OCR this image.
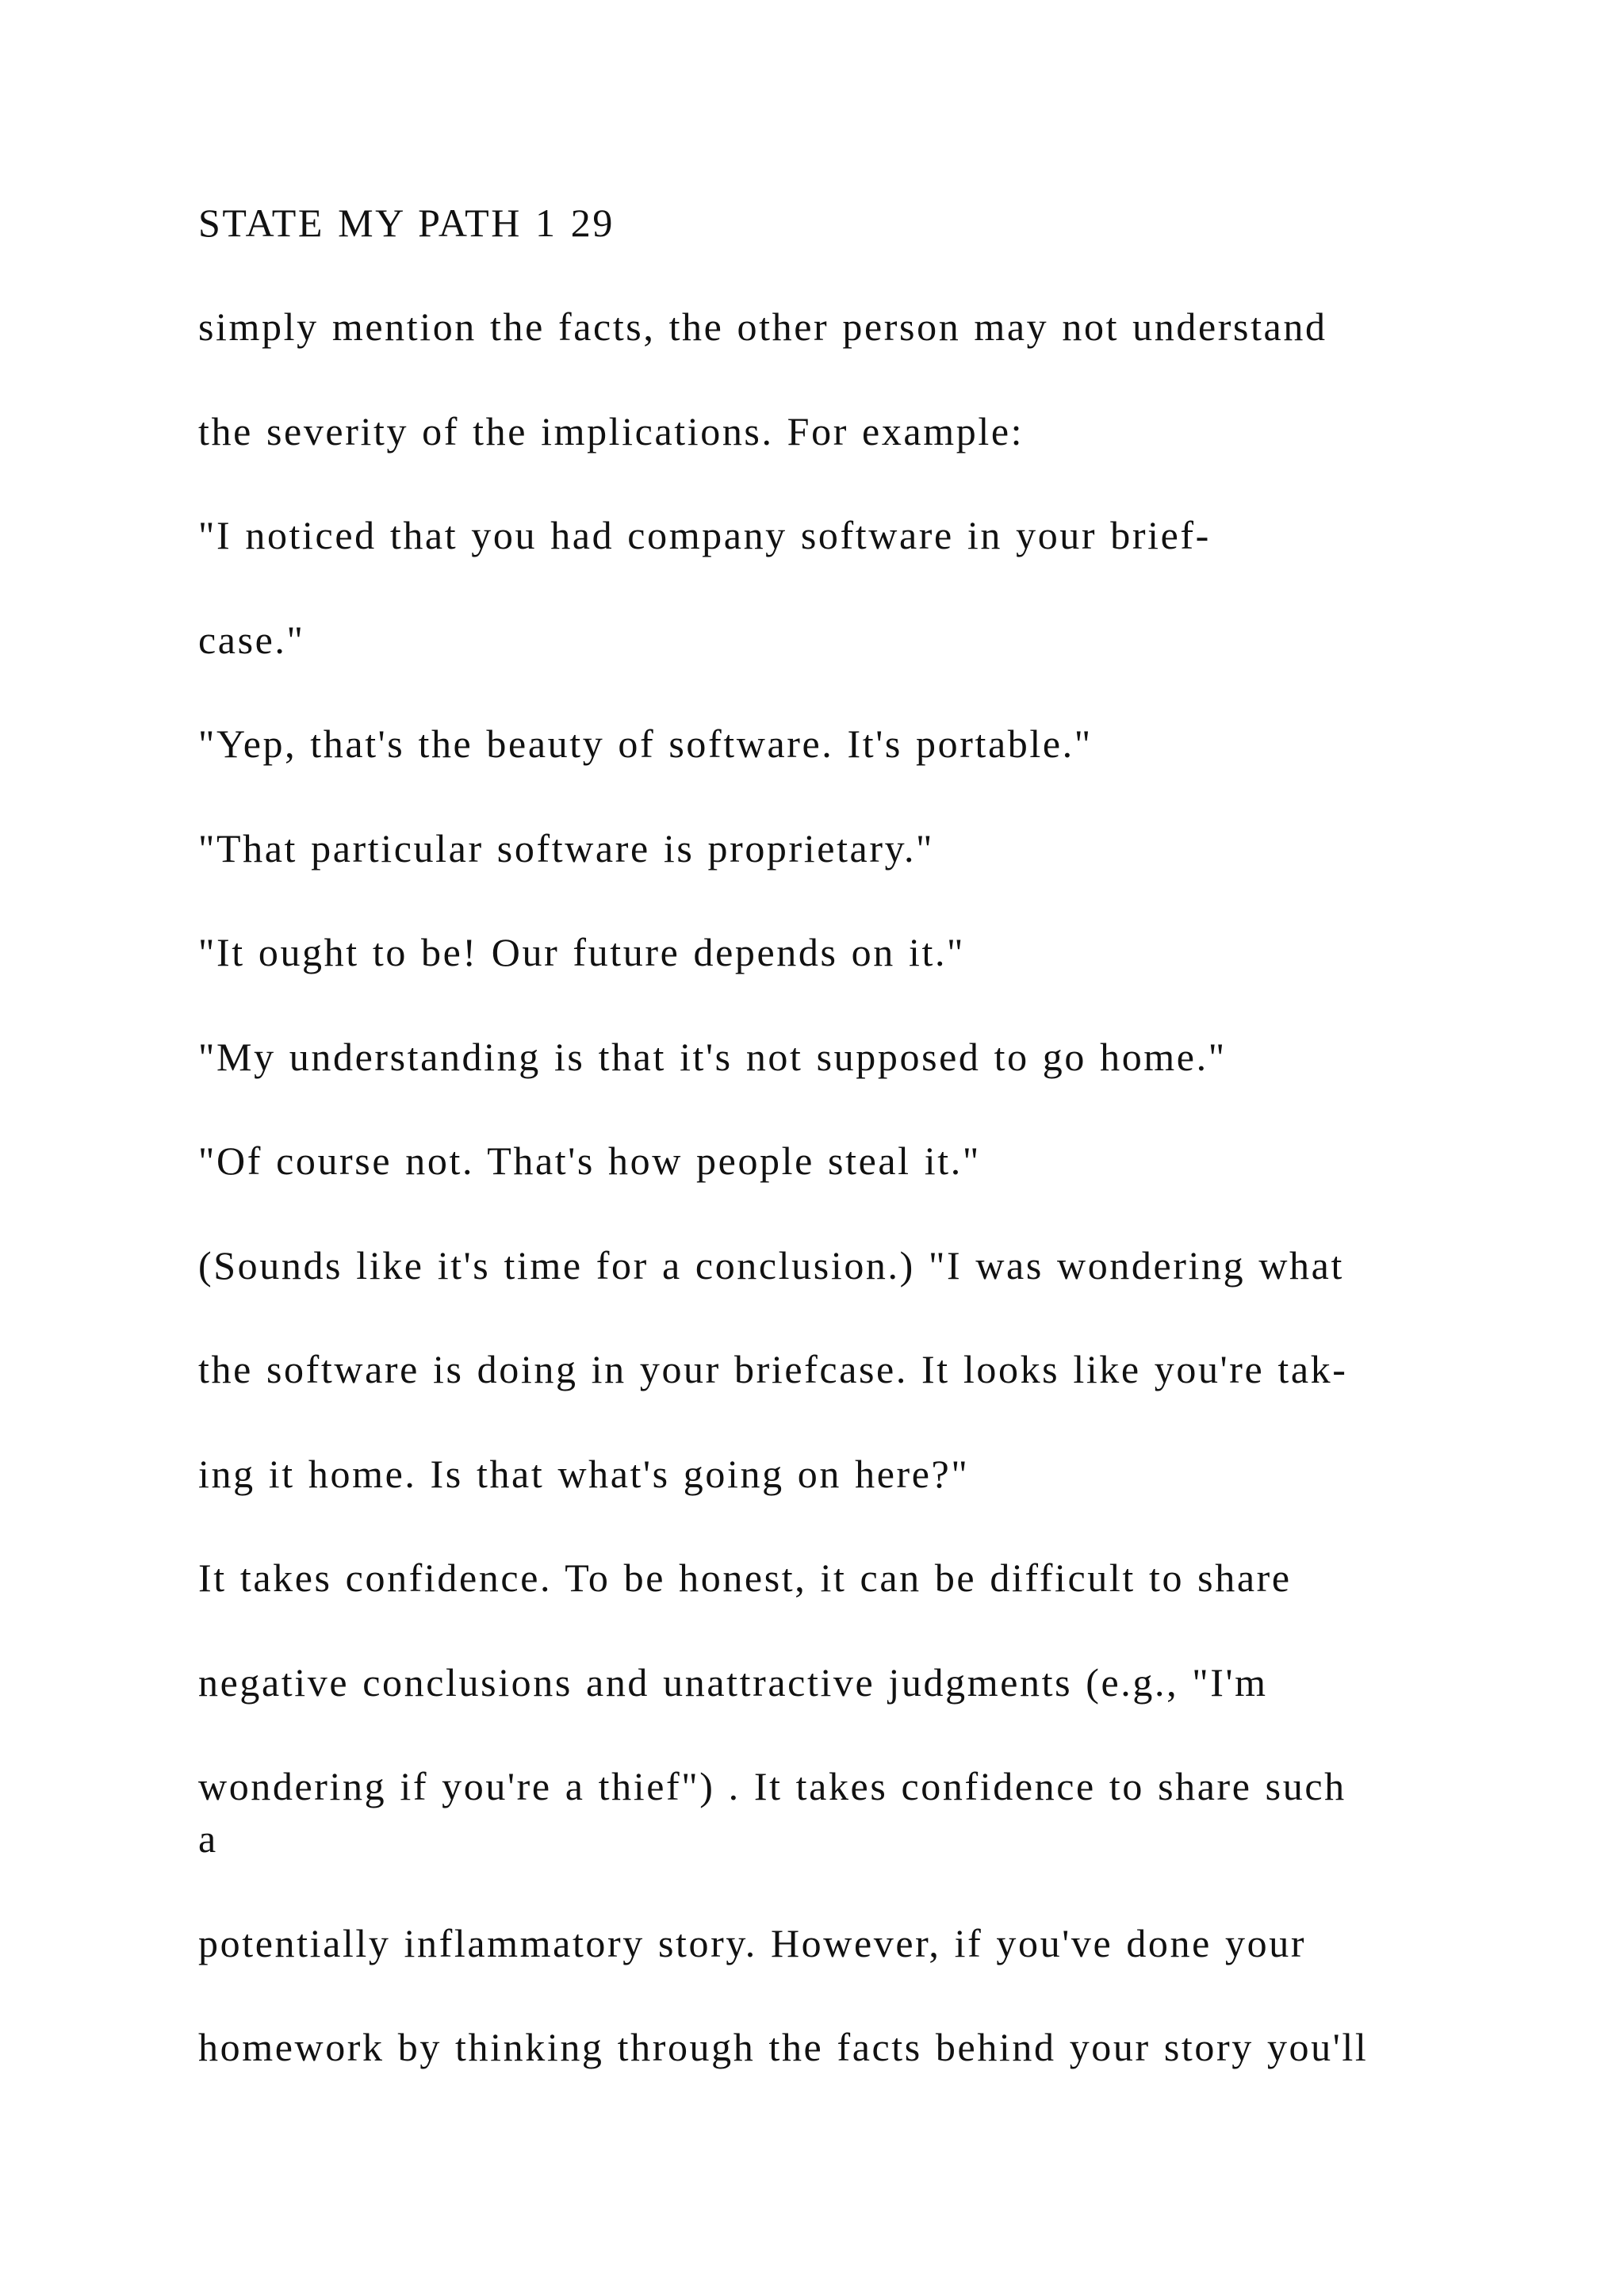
STATE MY PATH 1 29

simply mention the facts, the other person may not understand

the severity of the implications. For example:

"I noticed that you had company software in your brief-

case."

"Yep, that's the beauty of software. It's portable."

"That particular software is proprietary."

"It ought to be! Our future depends on it."

"My understanding is that it's not supposed to go home."

"Of course not. That's how people steal it."

(Sounds like it's time for a conclusion.) "I was wondering what

the software is doing in your briefcase. It looks like you're tak-

ing it home. Is that what's going on here?"

It takes confidence. To be honest, it can be difficult to share

negative conclusions and unattractive judgments (e.g., "I'm

wondering if you're a thief") . It takes confidence to share such

a

potentially inflammatory story. However, if you've done your

homework by thinking through the facts behind your story you'll
